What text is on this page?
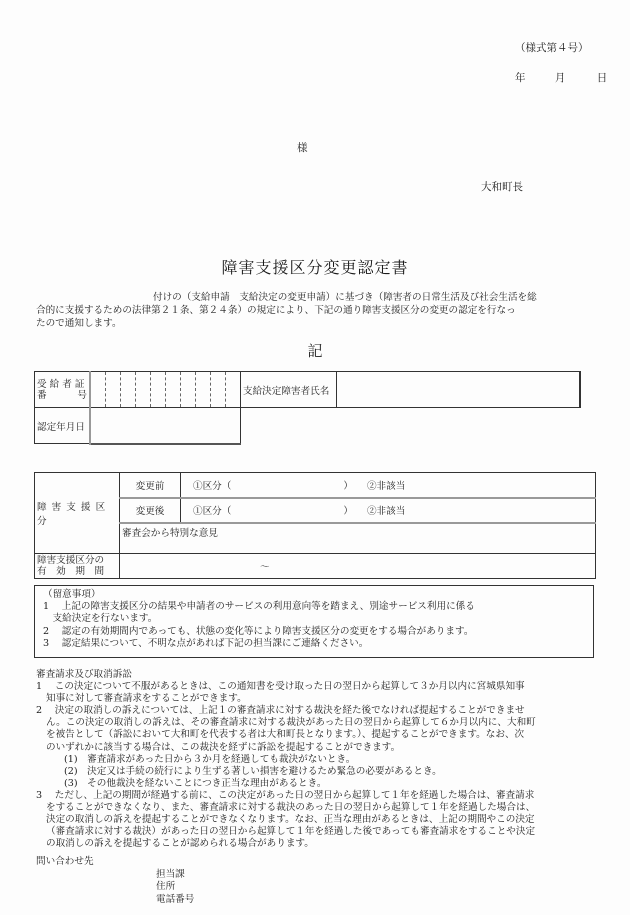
（様式第４号）
年	月	日
様
大和町長
障害支援区分変更認定書
付けの（支給申請　支給決定の変更申請）に基づき（障害者の日常生活及び社会生活を総
合的に支援するための法律第２１条、第２４条）の規定により、下記の通り障害支援区分の変更の認定を行なっ
たので通知します。
記
受 給 者 証
番 号											支給決定障害者氏名	
認定年月日												
障 害 支 援 区 分	変更前	①区分（ ） ②非該当
	変更後	①区分（ ） ②非該当
	審査会から特別な意見	

障害支援区分の
有　効　期　間	～	
（留意事項）
1　 上記の障害支援区分の結果や申請者のサービスの利用意向等を踏まえ、別途サービス利用に係る
　支給決定を行ないます。
2　 認定の有効期間内であっても、状態の変化等により障害支援区分の変更をする場合があります。
3　 認定結果について、不明な点があれば下記の担当課にご連絡ください。

審査請求及び取消訴訟

1　 この決定について不服があるときは、この通知書を受け取った日の翌日から起算して３か月以内に宮城県知事

知事に対して審査請求をすることができます。

2　 決定の取消しの訴えについては、上記１の審査請求に対する裁決を経た後でなければ提起することができませ

ん。この決定の取消しの訴えは、その審査請求に対する裁決があった日の翌日から起算して６か月以内に、大和町

を被告として（訴訟において大和町を代表する者は大和町長となります。）、提起することができます。なお、次

のいずれかに該当する場合は、この裁決を経ずに訴訟を提起することができます。

(1)　審査請求があった日から３か月を経過しても裁決がないとき。

(2)　決定又は手続の続行により生ずる著しい損害を避けるため緊急の必要があるとき。

(3)　その他裁決を経ないことにつき正当な理由があるとき。

3　 ただし、上記の期間が経過する前に、この決定があった日の翌日から起算して１年を経過した場合は、審査請求

をすることができなくなり、また、審査請求に対する裁決のあった日の翌日から起算して１年を経過した場合は、

決定の取消しの訴えを提起することができなくなります。なお、正当な理由があるときは、上記の期間やこの決定

（審査請求に対する裁決）があった日の翌日から起算して１年を経過した後であっても審査請求をすることや決定

の取消しの訴えを提起することが認められる場合があります。

問い合わせ先
担当課
住所
電話番号
